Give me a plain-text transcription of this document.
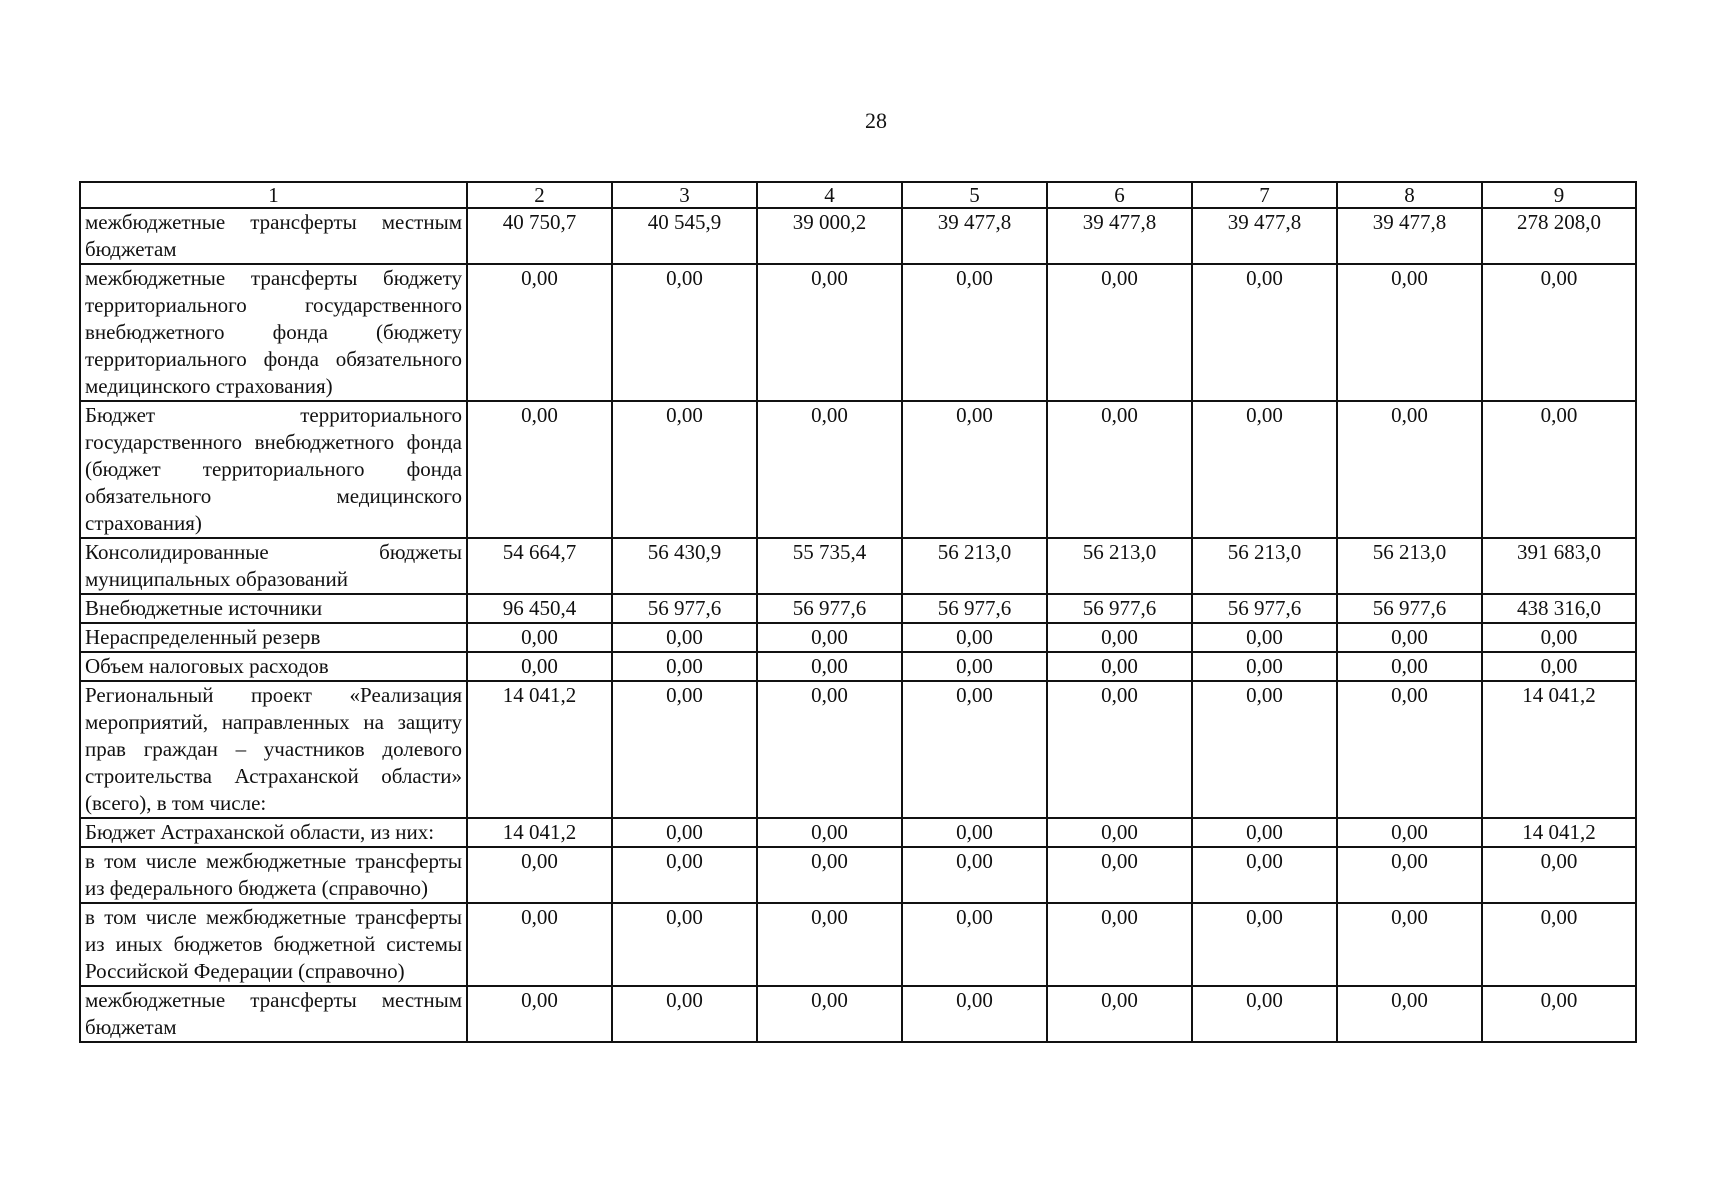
28
1	2	3	4	5	6	7	8	9
межбюджетные трансферты местным бюджетам	40 750,7	40 545,9	39 000,2	39 477,8	39 477,8	39 477,8	39 477,8	278 208,0
межбюджетные трансферты бюджету территориального государственного внебюджетного фонда (бюджету территориального фонда обязательного медицинского страхования)	0,00	0,00	0,00	0,00	0,00	0,00	0,00	0,00
Бюджет территориального государственного внебюджетного фонда (бюджет территориального фонда обязательного медицинского страхования)	0,00	0,00	0,00	0,00	0,00	0,00	0,00	0,00
Консолидированные бюджеты муниципальных образований	54 664,7	56 430,9	55 735,4	56 213,0	56 213,0	56 213,0	56 213,0	391 683,0
Внебюджетные источники	96 450,4	56 977,6	56 977,6	56 977,6	56 977,6	56 977,6	56 977,6	438 316,0
Нераспределенный резерв	0,00	0,00	0,00	0,00	0,00	0,00	0,00	0,00
Объем налоговых расходов	0,00	0,00	0,00	0,00	0,00	0,00	0,00	0,00
Региональный проект «Реализация мероприятий, направленных на защиту прав граждан – участников долевого строительства Астраханской области» (всего), в том числе:	14 041,2	0,00	0,00	0,00	0,00	0,00	0,00	14 041,2
Бюджет Астраханской области, из них:	14 041,2	0,00	0,00	0,00	0,00	0,00	0,00	14 041,2
в том числе межбюджетные трансферты из федерального бюджета (справочно)	0,00	0,00	0,00	0,00	0,00	0,00	0,00	0,00
в том числе межбюджетные трансферты из иных бюджетов бюджетной системы Российской Федерации (справочно)	0,00	0,00	0,00	0,00	0,00	0,00	0,00	0,00
межбюджетные трансферты местным бюджетам	0,00	0,00	0,00	0,00	0,00	0,00	0,00	0,00
